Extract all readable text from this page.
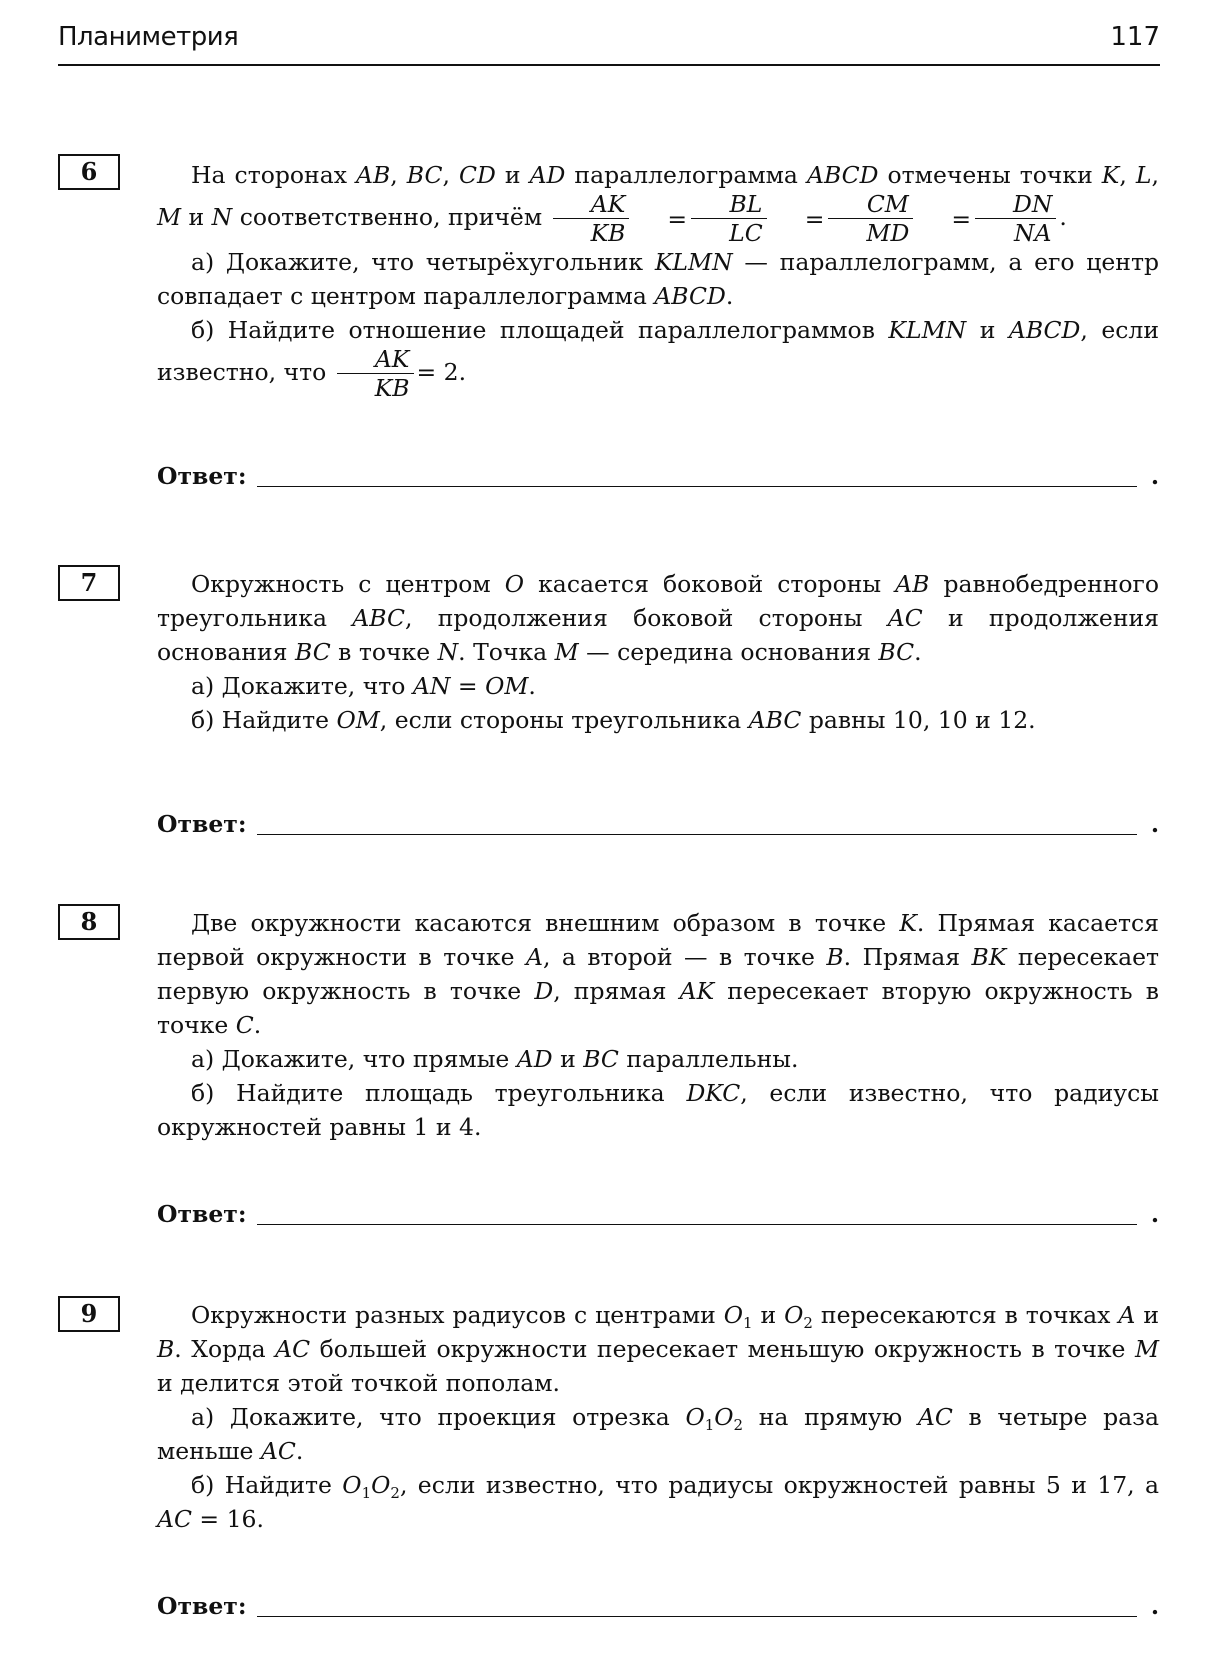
Планиметрия	117
6	На сторонах AB, BC, CD и AD параллелограмма ABCD отмечены точки K, L, M и N соответственно, причём $\frac{AK}{KB} = \frac{BL}{LC} = \frac{CM}{MD} = \frac{DN}{NA}$ .

а) Докажите, что четырёхугольник KLMN — параллелограмм, а его центр совпадает с центром параллелограмма ABCD.

б) Найдите отношение площадей параллелограммов KLMN и ABCD, если известно, что $\frac{AK}{KB} = 2$.

Ответ:	.
7	Окружность с центром O касается боковой стороны AB равнобедренного треугольника ABC, продолжения боковой стороны AC и продолжения основания BC в точке N. Точка M — середина основания BC.

а) Докажите, что AN = OM.

б) Найдите OM, если стороны треугольника ABC равны 10, 10 и 12.

Ответ:	.
8	Две окружности касаются внешним образом в точке K. Прямая касается первой окружности в точке A, а второй — в точке B. Прямая BK пересекает первую окружность в точке D, прямая AK пересекает вторую окружность в точке C.

а) Докажите, что прямые AD и BC параллельны.

б) Найдите площадь треугольника DKC, если известно, что радиусы окружностей равны 1 и 4.

Ответ:	.
9	Окружности разных радиусов с центрами $O_1$ и $O_2$ пересекаются в точках A и B. Хорда AC большей окружности пересекает меньшую окружность в точке M и делится этой точкой пополам.

а) Докажите, что проекция отрезка $O_1O_2$ на прямую AC в четыре раза меньше AC.

б) Найдите $O_1O_2$, если известно, что радиусы окружностей равны 5 и 17, а AC = 16.

Ответ:	.
